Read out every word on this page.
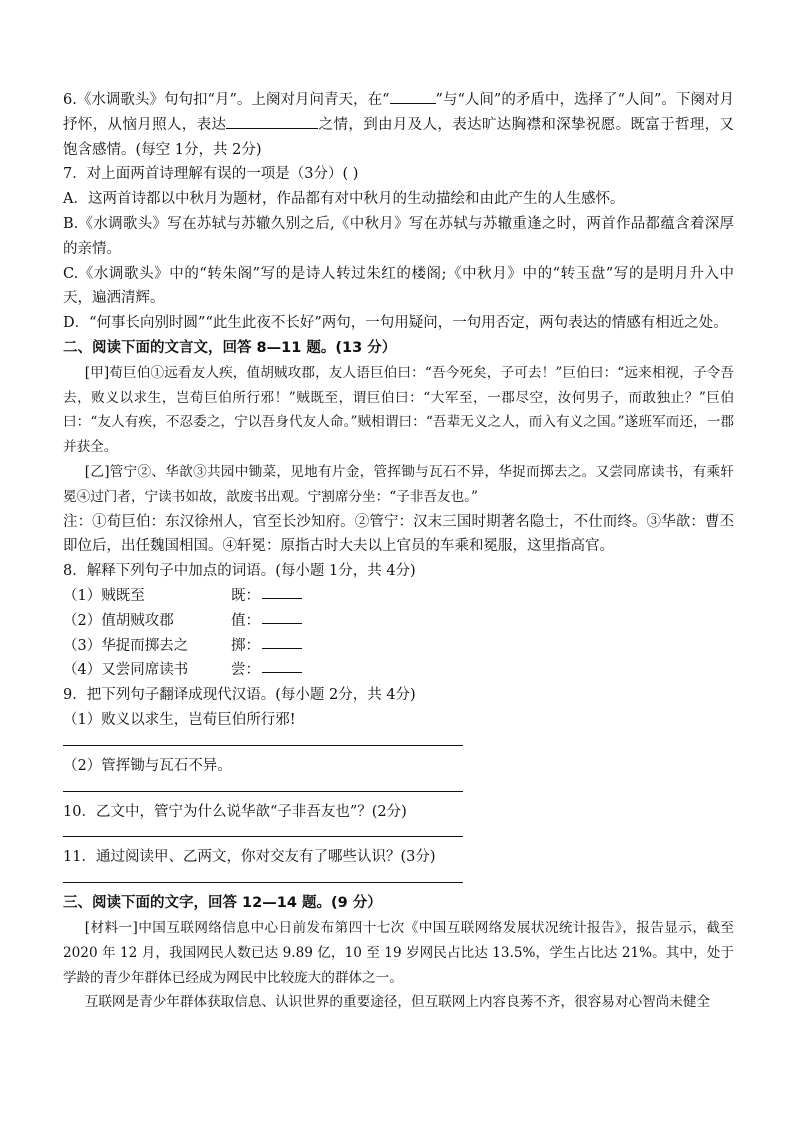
6.《水调歌头》句句扣“月”。上阕对月问青天，在“	”与“人间”的矛盾中，选择了“人间”。下阕对月抒怀，从恼月照人，表达	之情，到由月及人，表达旷达胸襟和深挚祝愿。既富于哲理，又饱含感情。(每空 1分，共 2分)

7．对上面两首诗理解有误的一项是（3分）( )

A．这两首诗都以中秋月为题材，作品都有对中秋月的生动描绘和由此产生的人生感怀。

B.《水调歌头》写在苏轼与苏辙久别之后,《中秋月》写在苏轼与苏辙重逢之时，两首作品都蕴含着深厚的亲情。

C.《水调歌头》中的“转朱阁”写的是诗人转过朱红的楼阁;《中秋月》中的“转玉盘”写的是明月升入中天，遍洒清辉。

D．“何事长向别时圆”“此生此夜不长好”两句，一句用疑问，一句用否定，两句表达的情感有相近之处。

二、阅读下面的文言文，回答 8—11 题。(13 分）

[甲]荀巨伯①远看友人疾，值胡贼攻郡，友人语巨伯曰：“吾今死矣，子可去！”巨伯曰：“远来相视，子令吾去，败义以求生，岂荀巨伯所行邪！”贼既至，谓巨伯曰：“大军至，一郡尽空，汝何男子，而敢独止？”巨伯曰：“友人有疾，不忍委之，宁以吾身代友人命。”贼相谓曰：“吾辈无义之人，而入有义之国。”遂班军而还，一郡并获全。

[乙]管宁②、华歆③共园中锄菜，见地有片金，管挥锄与瓦石不异，华捉而掷去之。又尝同席读书，有乘轩冕④过门者，宁读书如故，歆废书出观。宁割席分坐：“子非吾友也。”

注：①荀巨伯：东汉徐州人，官至长沙知府。②管宁：汉末三国时期著名隐士，不仕而终。③华歆：曹丕即位后，出任魏国相国。④轩冕：原指古时大夫以上官员的车乘和冕服，这里指高官。

8．解释下列句子中加点的词语。(每小题 1分，共 4分)

（1）贼既至	既：
（2）值胡贼攻郡	值：
（3）华捉而掷去之	掷：
（4）又尝同席读书	尝：

9．把下列句子翻译成现代汉语。(每小题 2分，共 4分)

（1）败义以求生，岂荀巨伯所行邪!

（2）管挥锄与瓦石不异。

10．乙文中，管宁为什么说华歆“子非吾友也”？(2分)

11．通过阅读甲、乙两文，你对交友有了哪些认识？(3分)

三、阅读下面的文字，回答 12—14 题。(9 分）

[材料一]中国互联网络信息中心日前发布第四十七次《中国互联网络发展状况统计报告》，报告显示，截至 2020 年 12 月，我国网民人数已达 9.89 亿，10 至 19 岁网民占比达 13.5%，学生占比达 21%。其中，处于学龄的青少年群体已经成为网民中比较庞大的群体之一。

互联网是青少年群体获取信息、认识世界的重要途径，但互联网上内容良莠不齐，很容易对心智尚未健全
